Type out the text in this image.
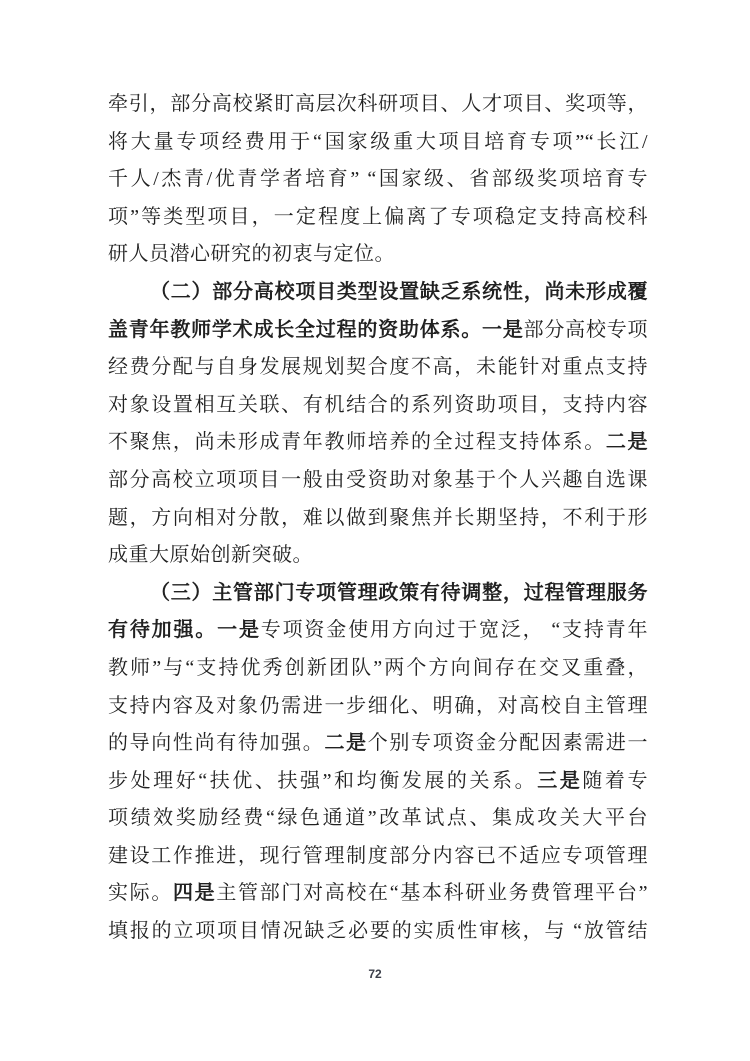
牵引，部分高校紧盯高层次科研项目、人才项目、奖项等，
将大量专项经费用于“国家级重大项目培育专项”“长江/
千人/杰青/优青学者培育” “国家级、省部级奖项培育专
项”等类型项目，一定程度上偏离了专项稳定支持高校科
研人员潜心研究的初衷与定位。
（二）部分高校项目类型设置缺乏系统性，尚未形成覆
盖青年教师学术成长全过程的资助体系。一是部分高校专项
经费分配与自身发展规划契合度不高，未能针对重点支持
对象设置相互关联、有机结合的系列资助项目，支持内容
不聚焦，尚未形成青年教师培养的全过程支持体系。二是
部分高校立项项目一般由受资助对象基于个人兴趣自选课
题，方向相对分散，难以做到聚焦并长期坚持，不利于形
成重大原始创新突破。
（三）主管部门专项管理政策有待调整，过程管理服务
有待加强。一是专项资金使用方向过于宽泛， “支持青年
教师”与“支持优秀创新团队”两个方向间存在交叉重叠，
支持内容及对象仍需进一步细化、明确，对高校自主管理
的导向性尚有待加强。二是个别专项资金分配因素需进一
步处理好“扶优、扶强”和均衡发展的关系。三是随着专
项绩效奖励经费“绿色通道”改革试点、集成攻关大平台
建设工作推进，现行管理制度部分内容已不适应专项管理
实际。四是主管部门对高校在“基本科研业务费管理平台”
填报的立项项目情况缺乏必要的实质性审核，与 “放管结
72
